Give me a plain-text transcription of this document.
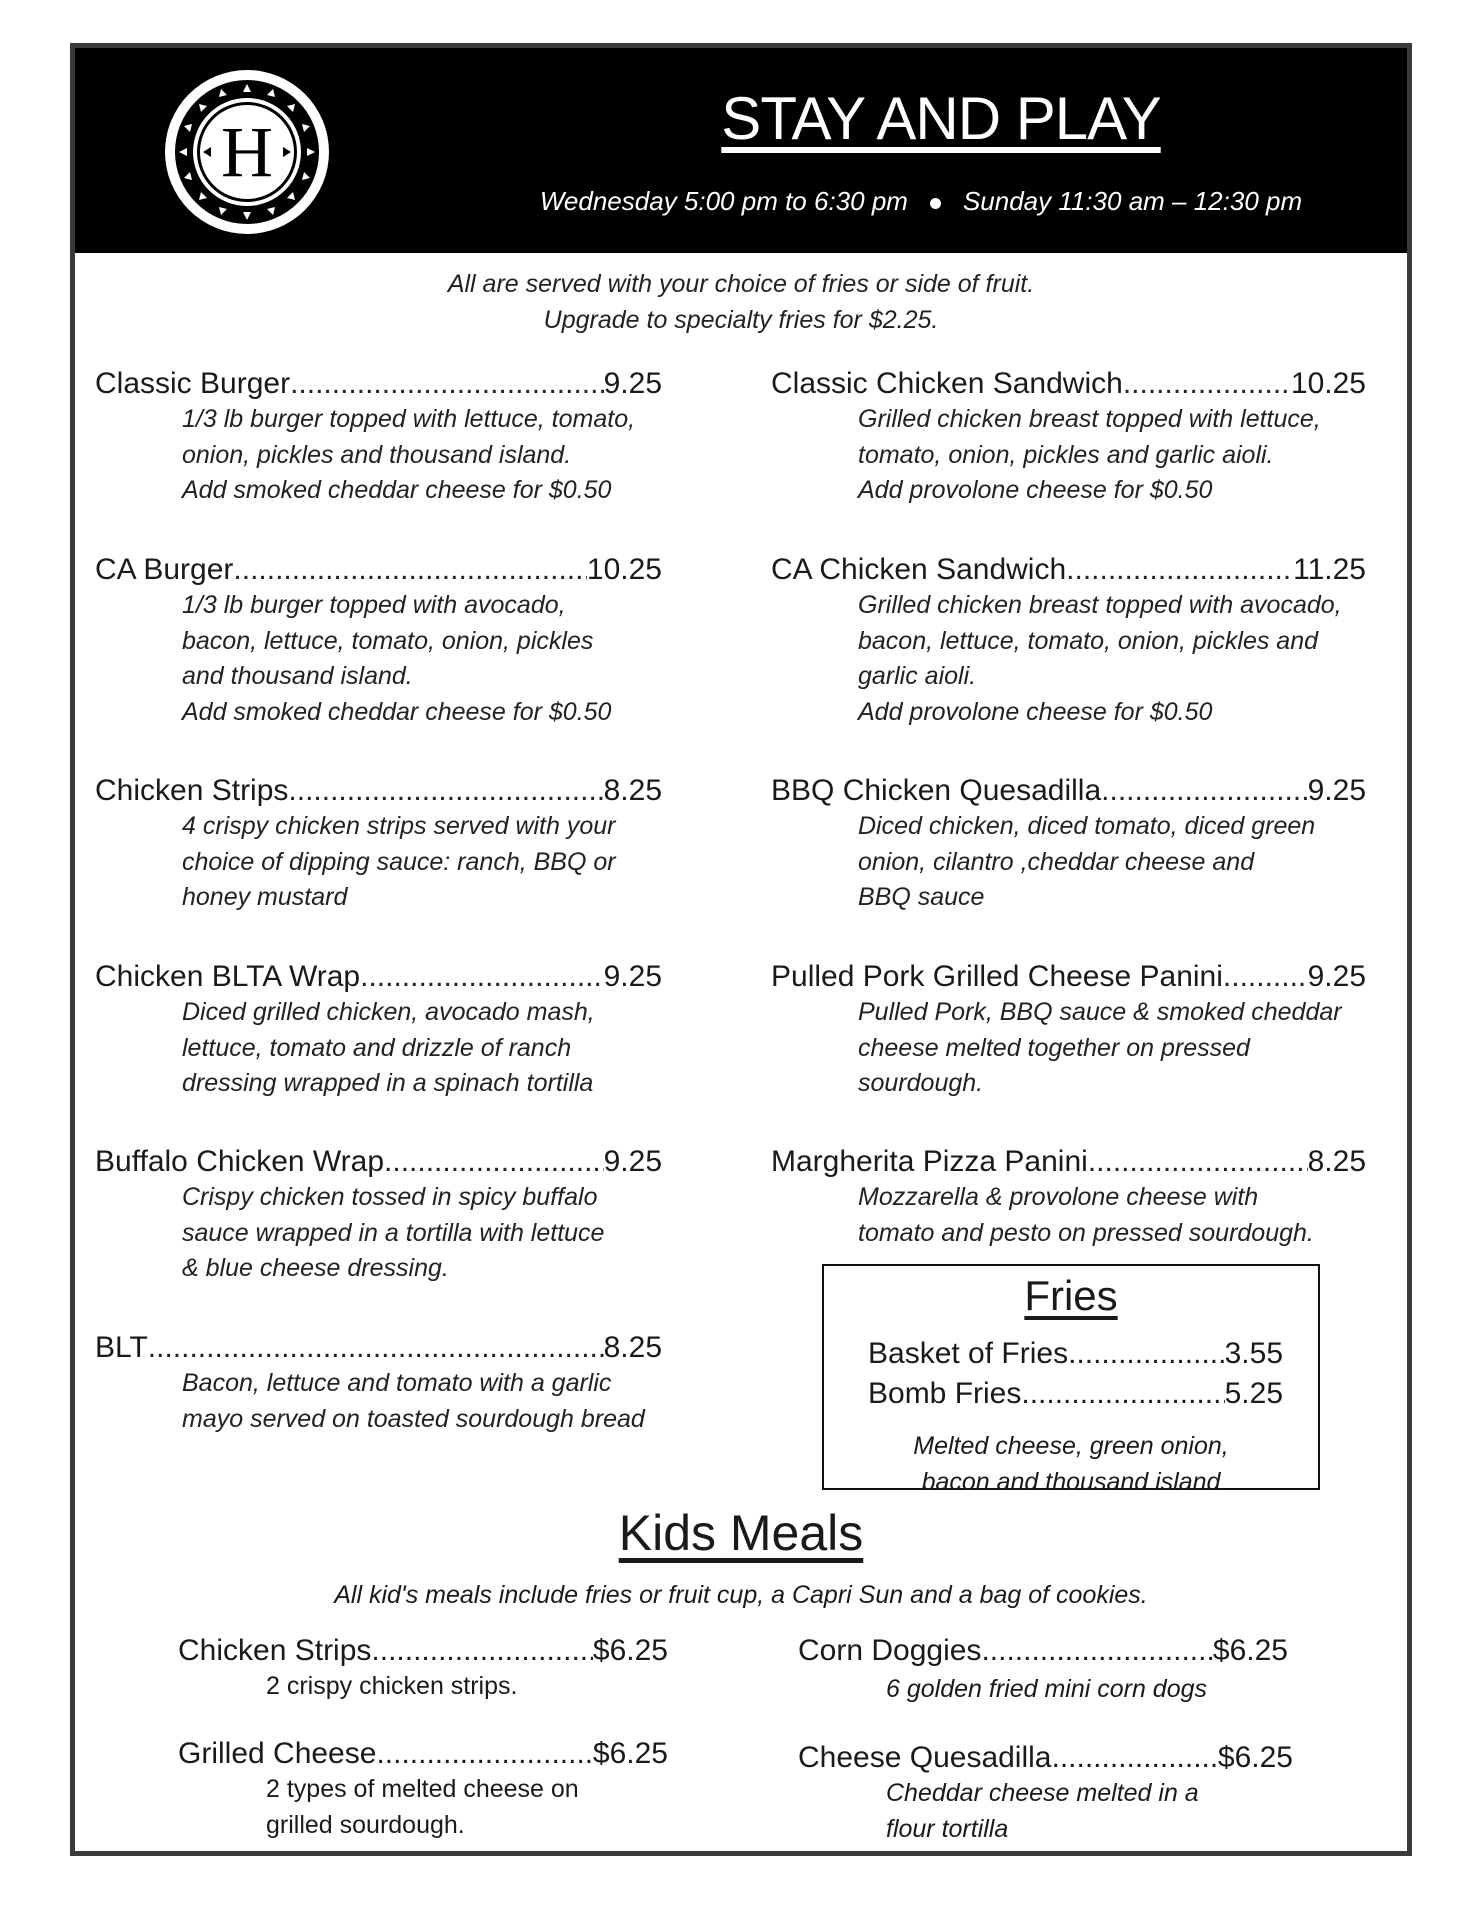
H	STAY AND PLAY
Wednesday 5:00 pm to 6:30 pm Sunday 11:30 am – 12:30 pm
All are served with your choice of fries or side of fruit.
Upgrade to specialty fries for $2.25.
Classic Burger .....	9.25
1/3 lb burger topped with lettuce, tomato,
onion, pickles and thousand island.
Add smoked cheddar cheese for $0.50
Classic Chicken Sandwich .....	10.25
Grilled chicken breast topped with lettuce,
tomato, onion, pickles and garlic aioli.
Add provolone cheese for $0.50
CA Burger .....	10.25
1/3 lb burger topped with avocado,
bacon, lettuce, tomato, onion, pickles
and thousand island.
Add smoked cheddar cheese for $0.50
CA Chicken Sandwich .....	11.25
Grilled chicken breast topped with avocado,
bacon, lettuce, tomato, onion, pickles and
garlic aioli.
Add provolone cheese for $0.50
Chicken Strips .....	8.25
4 crispy chicken strips served with your
choice of dipping sauce: ranch, BBQ or
honey mustard
BBQ Chicken Quesadilla .....	9.25
Diced chicken, diced tomato, diced green
onion, cilantro ,cheddar cheese and
BBQ sauce
Chicken BLTA Wrap .....	9.25
Diced grilled chicken, avocado mash,
lettuce, tomato and drizzle of ranch
dressing wrapped in a spinach tortilla
Pulled Pork Grilled Cheese Panini .....	9.25
Pulled Pork, BBQ sauce & smoked cheddar
cheese melted together on pressed
sourdough.
Buffalo Chicken Wrap .....	9.25
Crispy chicken tossed in spicy buffalo
sauce wrapped in a tortilla with lettuce
& blue cheese dressing.
Margherita Pizza Panini .....	8.25
Mozzarella & provolone cheese with
tomato and pesto on pressed sourdough.
BLT .....	8.25
Bacon, lettuce and tomato with a garlic
mayo served on toasted sourdough bread
Fries
Basket of Fries .....	3.55
Bomb Fries .....	5.25
Melted cheese, green onion,
bacon and thousand island
Kids Meals
All kid's meals include fries or fruit cup, a Capri Sun and a bag of cookies.
Chicken Strips .....	$6.25
2 crispy chicken strips.
Corn Doggies .....	$6.25
6 golden fried mini corn dogs
Grilled Cheese .....	$6.25
2 types of melted cheese on
grilled sourdough.
Cheese Quesadilla .....	$6.25
Cheddar cheese melted in a
flour tortilla
